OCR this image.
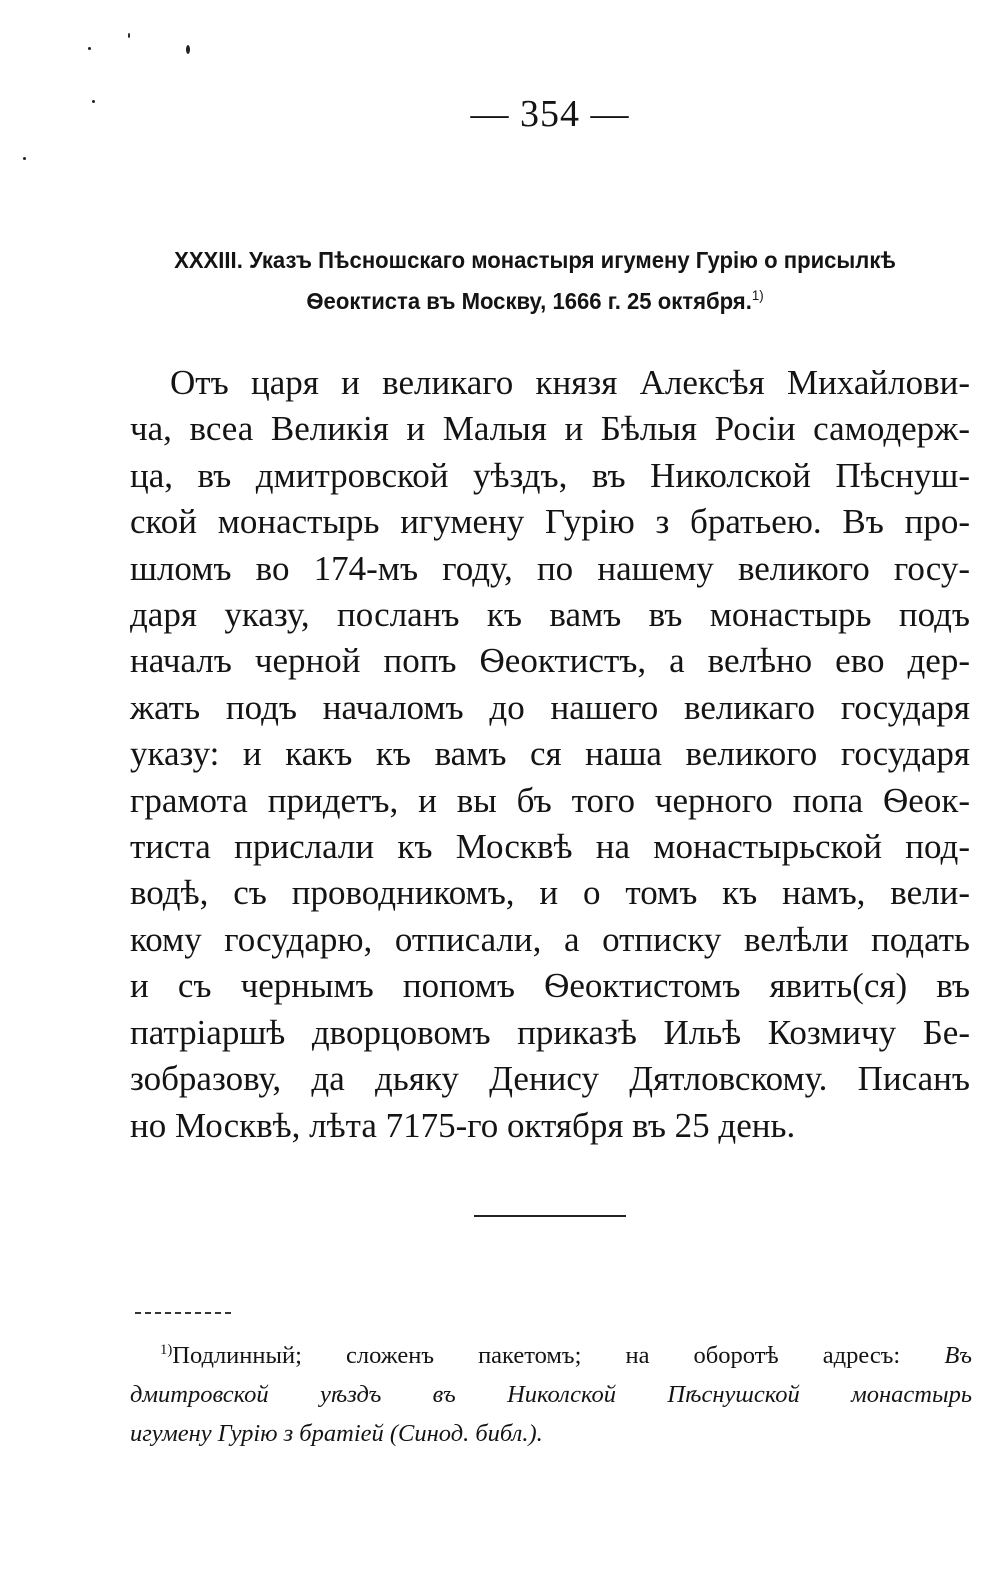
— 354 —
XXXIII. Указъ Пѣсношскаго монастыря игумену Гурію о присылкѣ
Ѳеоктиста въ Москву, 1666 г. 25 октября.$^{1)}$
Отъ царя и великаго князя Алексѣя Михайлови-
ча, всеа Великія и Малыя и Бѣлыя Росіи самодерж-
ца, въ дмитровской уѣздъ, въ Николской Пѣснуш-
ской монастырь игумену Гурію з братьею. Въ про-
шломъ во 174-мъ году, по нашему великого госу-
даря указу, посланъ къ вамъ въ монастырь подъ
началъ черной попъ Ѳеоктистъ, а велѣно ево дер-
жать подъ началомъ до нашего великаго государя
указу: и какъ къ вамъ ся наша великого государя
грамота придетъ, и вы бъ того черного попа Ѳеок-
тиста прислали къ Москвѣ на монастырьской под-
водѣ, съ проводникомъ, и о томъ къ намъ, вели-
кому государю, отписали, а отписку велѣли подать
и съ чернымъ попомъ Ѳеоктистомъ явить(ся) въ
патріаршѣ дворцовомъ приказѣ Ильѣ Козмичу Бе-
зобразову, да дьяку Денису Дятловскому. Писанъ
но Москвѣ, лѣта 7175-го октября въ 25 день.
$^{1)}$Подлинный; сложенъ пакетомъ; на оборотѣ адресъ: Въ
дмитровской уѣздъ въ Николской Пѣснушской монастырь
игумену Гурію з братіей (Синод. библ.).
